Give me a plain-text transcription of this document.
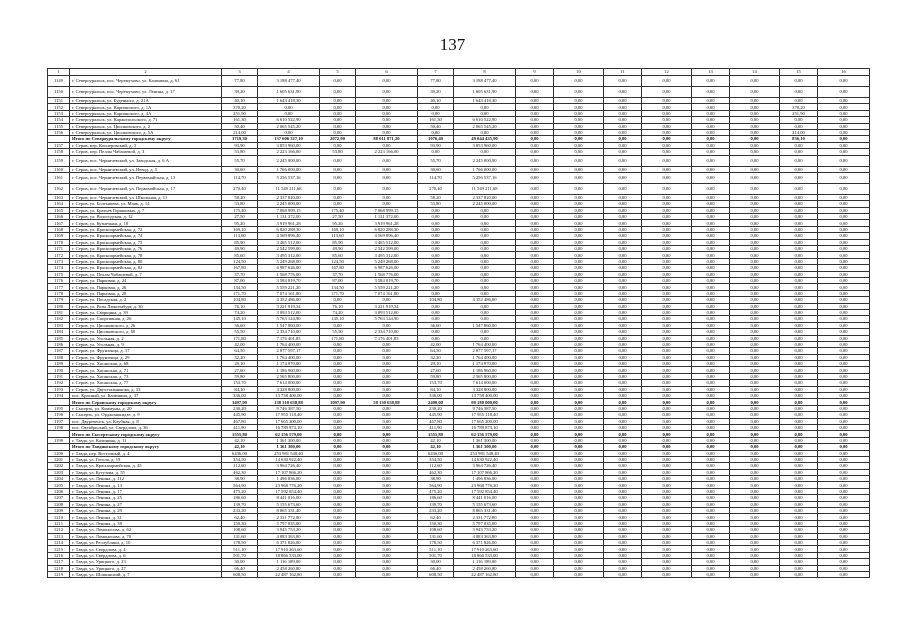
137
1	2	3	4	5	6	7	8	9	10	11	12	13	14	15	16
1149	г. Североуральск, пос. Черемухово, ул. Калинина, д. 61	77,80	3 188 477,40	0,00	0,00	77,80	3 188 477,40	0,00	0,00	0,00	0,00	0,00	0,00	0,00	0,00
1150	г. Североуральск, пос. Черемухово, ул. Ленина, д. 17	39,20	1 605 631,90	0,00	0,00	39,20	1 605 631,90	0,00	0,00	0,00	0,00	0,00	0,00	0,00	0,00
1151	г. Североуральск, ул. Буденного, д. 21А	40,10	1 643 418,30	0,00	0,00	40,10	1 643 418,30	0,00	0,00	0,00	0,00	0,00	0,00	0,00	0,00
1152	г. Североуральск, ул. Карпинского, д. 1А	370,20	0,00	0,00	0,00	0,00	0,00	0,00	0,00	0,00	0,00	0,00	0,00	370,20	0,00
1153	г. Североуральск, ул. Карпинского, д. 4А	251,90	0,00	0,00	0,00	0,00	0,00	0,00	0,00	0,00	0,00	0,00	0,00	251,90	0,00
1154	г. Североуральск, ул. Каржопольского, д. 71	161,30	6 610 522,90	0,00	0,00	161,30	6 610 522,90	0,00	0,00	0,00	0,00	0,00	0,00	0,00	0,00
1155	г. Североуральск, ул. Циолковского, д. 2	50,40	2 065 545,20	0,00	0,00	50,40	2 065 545,20	0,00	0,00	0,00	0,00	0,00	0,00	0,00	0,00
1156	г. Североуральск, ул. Циолковского, д. 5А	214,00	0,00	0,00	0,00	0,00	0,00	0,00	0,00	0,00	0,00	0,00	0,00	214,00	0,00
	Итого по Североуральскому городскому округу	3719,30	137 606 327,10	2072,90	88 011 871,20	1076,40	49 044 435,90	0,00	0,00	0,00	0,00	0,00	0,00	836,10	0,00
1157	г. Серов, пер. Кооперовский, д. 3	93,90	3 853 960,00	0,00	0,00	93,90	3 853 960,00	0,00	0,00	0,00	0,00	0,00	0,00	0,00	0,00
1158	г. Серов, пер. Пеллы Чабашевой, д. 3	53,80	2 223 166,00	53,80	2 223 166,00	0,00	0,00	0,00	0,00	0,00	0,00	0,00	0,00	0,00	0,00
1159	г. Серов, пос. Черничевский, ул. Заводская, д. 6 А	55,70	2 245 000,00	0,00	0,00	55,70	2 245 000,00	0,00	0,00	0,00	0,00	0,00	0,00	0,00	0,00
1160	г. Серов, пос. Черничевский, ул. Невод, д. 5	30,60	1 766 000,00	0,00	0,00	30,60	1 766 000,00	0,00	0,00	0,00	0,00	0,00	0,00	0,00	0,00
1161	г. Серов, пос. Черничевский, ул. Первомайская, д. 13	114,70	5 256 537,16	0,00	0,00	114,70	5 256 537,16	0,00	0,00	0,00	0,00	0,00	0,00	0,00	0,00
1162	г. Серов, пос. Черничевский, ул. Первомайская, д. 17	270,40	11 549 211,68	0,00	0,00	270,40	11 549 211,68	0,00	0,00	0,00	0,00	0,00	0,00	0,00	0,00
1163	г. Серов, пос. Черничевский, ул. Школьная, д. 11	58,20	2 337 820,00	0,00	0,00	58,20	2 337 820,00	0,00	0,00	0,00	0,00	0,00	0,00	0,00	0,00
1164	г. Серов, ул. Болтышева, ул. Маяк, д. 14	53,80	2 245 000,00	0,00	0,00	53,80	2 245 000,00	0,00	0,00	0,00	0,00	0,00	0,00	0,00	0,00
1165	г. Серов, ул. Братьев Горшковых, д. 7	175,40	7 068 999,15	175,40	7 068 999,15	0,00	0,00	0,00	0,00	0,00	0,00	0,00	0,00	0,00	0,00
1166	г. Серов, ул. Вологодская, д. 12	27,50	1 131 372,00	27,50	1 131 372,00	0,00	0,00	0,00	0,00	0,00	0,00	0,00	0,00	0,00	0,00
1167	г. Серов, ул. Кузнечная, д. 10	95,20	3 919 961,28	95,20	3 919 961,28	0,00	0,00	0,00	0,00	0,00	0,00	0,00	0,00	0,00	0,00
1168	г. Серов, ул. Красноармейская, д. 72	169,10	6 820 288,30	169,10	6 820 288,30	0,00	0,00	0,00	0,00	0,00	0,00	0,00	0,00	0,00	0,00
1169	г. Серов, ул. Красноармейская, д. 74	113,60	4 569 896,40	113,60	4 569 896,40	0,00	0,00	0,00	0,00	0,00	0,00	0,00	0,00	0,00	0,00
1170	г. Серов, ул. Красноармейская, д. 75	85,90	3 465 512,00	85,90	3 465 512,00	0,00	0,00	0,00	0,00	0,00	0,00	0,00	0,00	0,00	0,00
1171	г. Серов, ул. Красноармейская, д. 76	49,90	2 542 599,00	49,90	2 542 599,00	0,00	0,00	0,00	0,00	0,00	0,00	0,00	0,00	0,00	0,00
1172	г. Серов, ул. Красноармейская, д. 78	85,60	3 495 312,00	85,60	3 495 312,00	0,00	0,00	0,00	0,00	0,00	0,00	0,00	0,00	0,00	0,00
1173	г. Серов, ул. Красноармейская, д. 80	124,50	5 249 268,00	124,50	5 249 268,00	0,00	0,00	0,00	0,00	0,00	0,00	0,00	0,00	0,00	0,00
1174	г. Серов, ул. Красноармейская, д. 82	167,80	6 987 626,00	167,80	6 987 626,00	0,00	0,00	0,00	0,00	0,00	0,00	0,00	0,00	0,00	0,00
1175	г. Серов, ул. Пеллы Чабашевой, д. 7	37,70	1 568 776,00	37,70	1 568 776,00	0,00	0,00	0,00	0,00	0,00	0,00	0,00	0,00	0,00	0,00
1176	г. Серов, ул. Парковая, д. 24	87,00	3 584 819,70	87,00	3 584 819,70	0,00	0,00	0,00	0,00	0,00	0,00	0,00	0,00	0,00	0,00
1177	г. Серов, ул. Парковая, д. 26	134,50	5 559 221,20	134,50	5 559 221,20	0,00	0,00	0,00	0,00	0,00	0,00	0,00	0,00	0,00	0,00
1178	г. Серов, ул. Парковая, д. 28	171,70	7 074 161,80	171,70	7 074 161,80	0,00	0,00	0,00	0,00	0,00	0,00	0,00	0,00	0,00	0,00
1179	г. Серов, ул. Посадская, д. 2	104,80	4 352 486,00	0,00	0,00	104,80	4 352 486,00	0,00	0,00	0,00	0,00	0,00	0,00	0,00	0,00
1180	г. Серов, ул. Розы Люксембург, д. 36	76,10	3 221 919,34	76,10	3 221 919,34	0,00	0,00	0,00	0,00	0,00	0,00	0,00	0,00	0,00	0,00
1181	г. Серов, ул. Сварщика, д. 39	74,20	3 093 512,00	74,20	3 093 512,00	0,00	0,00	0,00	0,00	0,00	0,00	0,00	0,00	0,00	0,00
1182	г. Серов, ул. Спортивная, д. 26	145,10	5 763 124,90	145,10	5 763 124,90	0,00	0,00	0,00	0,00	0,00	0,00	0,00	0,00	0,00	0,00
1183	г. Серов, ул. Циолковского, д. 26	36,60	1 547 860,00	0,00	0,00	36,60	1 547 860,00	0,00	0,00	0,00	0,00	0,00	0,00	0,00	0,00
1184	г. Серов, ул. Циолковского, д. 60	55,50	2 334 710,00	55,50	2 334 710,00	0,00	0,00	0,00	0,00	0,00	0,00	0,00	0,00	0,00	0,00
1185	г. Серов, ул. Угольная, д. 2	171,80	7 176 401,85	171,80	7 176 401,85	0,00	0,00	0,00	0,00	0,00	0,00	0,00	0,00	0,00	0,00
1186	г. Серов, ул. Угольная, д. 9	42,00	1 764 400,00	0,00	0,00	42,00	1 764 400,00	0,00	0,00	0,00	0,00	0,00	0,00	0,00	0,00
1187	г. Серов, ул. Фрунзенца, д. 17	64,50	2 877 597,17	0,00	0,00	64,50	2 877 597,17	0,00	0,00	0,00	0,00	0,00	0,00	0,00	0,00
1188	г. Серов, ул. Фрунзенца, д. 29	32,20	1 764 400,00	0,00	0,00	32,20	1 764 400,00	0,00	0,00	0,00	0,00	0,00	0,00	0,00	0,00
1189	г. Серов, ул. Хасанская, д. 68	29,10	1 174 970,00	0,00	0,00	29,10	1 174 970,00	0,00	0,00	0,00	0,00	0,00	0,00	0,00	0,00
1190	г. Серов, ул. Хасанская, д. 71	27,60	1 186 960,00	0,00	0,00	27,60	1 186 960,00	0,00	0,00	0,00	0,00	0,00	0,00	0,00	0,00
1191	г. Серов, ул. Хасанская, д. 73	59,80	2 565 800,00	0,00	0,00	59,80	2 565 800,00	0,00	0,00	0,00	0,00	0,00	0,00	0,00	0,00
1192	г. Серов, ул. Хасанская, д. 77	153,70	7 614 000,00	0,00	0,00	153,70	7 614 000,00	0,00	0,00	0,00	0,00	0,00	0,00	0,00	0,00
1193	г. Серов, ул. Двухэтажникова, д. 33	84,10	3 328 800,00	0,00	0,00	84,10	3 328 800,00	0,00	0,00	0,00	0,00	0,00	0,00	0,00	0,00
1194	пос. Красный, ул. Калинина, д. 37	336,00	13 758 400,00	0,00	0,00	336,00	13 758 400,00	0,00	0,00	0,00	0,00	0,00	0,00	0,00	0,00
	Итого по Серовскому городскому округу	3497,90	138 310 638,88	1097,90	58 130 638,88	2400,00	80 180 000,00	0,00	0,00	0,00	0,00	0,00	0,00	0,00	0,00
1195	г. Сысерть, ул. Коммуны, д. 20	230,20	9 746 387,50	0,00	0,00	230,20	9 746 387,50	0,00	0,00	0,00	0,00	0,00	0,00	0,00	0,00
1196	г. Сысерть, ул. Орджоникидзе, д. 9	445,90	17 955 118,40	0,00	0,00	445,90	17 955 118,40	0,00	0,00	0,00	0,00	0,00	0,00	0,00	0,00
1197	пос. Двуреченск, ул. Клубная, д. 8	467,80	17 665 200,00	0,00	0,00	467,80	17 665 200,00	0,00	0,00	0,00	0,00	0,00	0,00	0,00	0,00
1198	пос. Октябрьский, ул. Свердлова, д. 36	411,90	16 789 873,10	0,00	0,00	411,90	16 789 873,10	0,00	0,00	0,00	0,00	0,00	0,00	0,00	0,00
	Итого по Сысертскому городскому округу	1555,80	62 156 579,00	0,00	0,00	1555,80	62 156 579,00	0,00	0,00	0,00	0,00	0,00	0,00	0,00	0,00
1199	г. Тавда, ул. Калинина, д. 11	42,10	1 361 300,00	0,00	0,00	42,10	1 361 300,00	0,00	0,00	0,00	0,00	0,00	0,00	0,00	0,00
	Итого по Тавдинскому городскому округу	42,10	1 361 300,00	0,00	0,00	42,10	1 361 300,00	0,00	0,00	0,00	0,00	0,00	0,00	0,00	0,00
1200	г. Тавда, пер. Восточный, д. 4	6436,00	253 981 548,40	0,00	0,00	6436,00	253 981 548,40	0,00	0,00	0,00	0,00	0,00	0,00	0,00	0,00
1201	г. Тавда, ул. Гоголя, д. 19	354,50	14 630 922,40	0,00	0,00	354,50	14 630 922,40	0,00	0,00	0,00	0,00	0,00	0,00	0,00	0,00
1202	г. Тавда, ул. Красноармейская, д. 45	112,60	3 964 726,40	0,00	0,00	112,60	3 964 726,40	0,00	0,00	0,00	0,00	0,00	0,00	0,00	0,00
1203	г. Тавда, ул. Кутузова, д. 55	462,30	17 107 866,20	0,00	0,00	462,30	17 107 866,20	0,00	0,00	0,00	0,00	0,00	0,00	0,00	0,00
1204	г. Тавда, ул. Ленина, д. 112	38,90	1 496 836,00	0,00	0,00	38,90	1 496 836,00	0,00	0,00	0,00	0,00	0,00	0,00	0,00	0,00
1205	г. Тавда, ул. Ленина, д. 13	564,90	23 968 776,20	0,00	0,00	564,90	23 968 776,20	0,00	0,00	0,00	0,00	0,00	0,00	0,00	0,00
1206	г. Тавда, ул. Ленина, д. 17	475,20	17 592 854,40	0,00	0,00	475,20	17 592 854,40	0,00	0,00	0,00	0,00	0,00	0,00	0,00	0,00
1207	г. Тавда, ул. Ленина, д. 25	186,60	8 441 016,00	0,00	0,00	186,60	8 441 016,00	0,00	0,00	0,00	0,00	0,00	0,00	0,00	0,00
1208	г. Тавда, ул. Ленина, д. 27	139,70	5 155 673,60	0,00	0,00	139,70	5 155 673,60	0,00	0,00	0,00	0,00	0,00	0,00	0,00	0,00
1209	г. Тавда, ул. Ленина, д. 29	233,20	8 865 331,40	0,00	0,00	233,20	8 865 331,40	0,00	0,00	0,00	0,00	0,00	0,00	0,00	0,00
1210	г. Тавда, ул. Ленина, д. 31	62,40	2 331 772,80	0,00	0,00	62,40	2 331 772,80	0,00	0,00	0,00	0,00	0,00	0,00	0,00	0,00
1211	г. Тавда, ул. Ленина, д. 38	150,30	5 797 035,00	0,00	0,00	150,30	5 797 035,00	0,00	0,00	0,00	0,00	0,00	0,00	0,00	0,00
1212	г. Тавда, ул. Ломоносова, д. 62	108,60	3 945 753,20	0,00	0,00	108,60	3 945 753,20	0,00	0,00	0,00	0,00	0,00	0,00	0,00	0,00
1213	г. Тавда, ул. Ломоносова, д. 70	131,60	4 883 363,80	0,00	0,00	131,60	4 883 363,80	0,00	0,00	0,00	0,00	0,00	0,00	0,00	0,00
1214	г. Тавда, ул. Республики, д. 10	178,50	6 371 826,00	0,00	0,00	178,50	6 371 826,00	0,00	0,00	0,00	0,00	0,00	0,00	0,00	0,00
1215	г. Тавда, ул. Свердлова, д. 4	511,10	17 910 263,60	0,00	0,00	511,10	17 910 263,60	0,00	0,00	0,00	0,00	0,00	0,00	0,00	0,00
1216	г. Тавда, ул. Свердлова, д. 6	501,70	18 866 533,00	0,00	0,00	501,70	18 866 533,00	0,00	0,00	0,00	0,00	0,00	0,00	0,00	0,00
1217	г. Тавда, ул. Урицкого, д. 23	30,00	1 116 189,00	0,00	0,00	30,00	1 116 189,00	0,00	0,00	0,00	0,00	0,00	0,00	0,00	0,00
1218	г. Тавда, ул. Урицкого, д. 27	66,40	2 458 260,80	0,00	0,00	66,40	2 458 260,80	0,00	0,00	0,00	0,00	0,00	0,00	0,00	0,00
1219	г. Тавда, ул. Шошинский, д. 7	608,50	22 487 162,80	0,00	0,00	608,50	22 487 162,80	0,00	0,00	0,00	0,00	0,00	0,00	0,00	0,00
